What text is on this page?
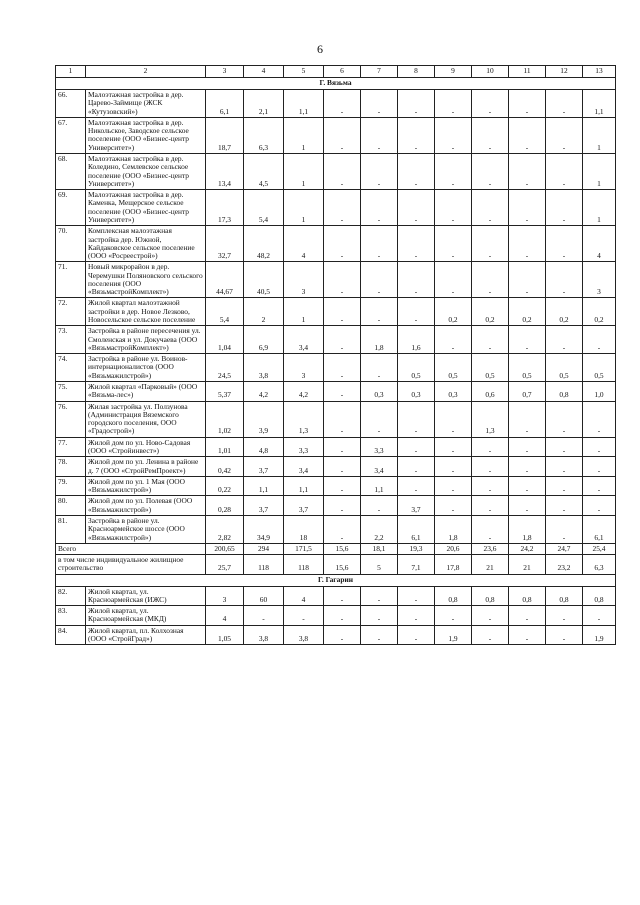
6
1	2	3	4	5	6	7	8	9	10	11	12	13
Г. Вязьма												
66.	Малоэтажная застройка в дер. Царево-Займище (ЖСК «Кутузовский»)	6,1	2,1	1,1	-	-	-	-	-	-	-	1,1
67.	Малоэтажная застройка в дер. Никольское, Заводское сельское поселение (ООО «Бизнес-центр Университет»)	18,7	6,3	1	-	-	-	-	-	-	-	1
68.	Малоэтажная застройка в дер. Коледино, Семлевское сельское поселение (ООО «Бизнес-центр Университет»)	13,4	4,5	1	-	-	-	-	-	-	-	1
69.	Малоэтажная застройка в дер. Каменка, Мещерское сельское поселение (ООО «Бизнес-центр Университет»)	17,3	5,4	1	-	-	-	-	-	-	-	1
70.	Комплексная малоэтажная застройка дер. Южной, Кайдаковское сельское поселение (ООО «Росреестрой»)	32,7	48,2	4	-	-	-	-	-	-	-	4
71.	Новый микрорайон в дер. Черемушки Поляновского сельского поселения (ООО «ВязьмастройКомплект»)	44,67	40,5	3	-	-	-	-	-	-	-	3
72.	Жилой квартал малоэтажной застройки в дер. Новое Лезково, Новосельское сельское поселение	5,4	2	1	-	-	-	0,2	0,2	0,2	0,2	0,2
73.	Застройка в районе пересечения ул. Смоленская и ул. Докучаева (ООО «ВязьмастройКомплект»)	1,04	6,9	3,4	-	1,8	1,6	-	-	-	-	-
74.	Застройка в районе ул. Воинов-интернационалистов (ООО «Вязьмажилстрой»)	24,5	3,8	3	-	-	0,5	0,5	0,5	0,5	0,5	0,5
75.	Жилой квартал «Парковый» (ООО «Вязьма-лес»)	5,37	4,2	4,2	-	0,3	0,3	0,3	0,6	0,7	0,8	1,0
76.	Жилая застройка ул. Ползунова (Администрация Вяземского городского поселения, ООО «Градострой»)	1,02	3,9	1,3	-	-	-	-	1,3	-	-	-
77.	Жилой дом по ул. Ново-Садовая (ООО «Стройинвест»)	1,01	4,8	3,3	-	3,3	-	-	-	-	-	-
78.	Жилой дом по ул. Ленина в районе д. 7 (ООО «СтройРемПроект»)	0,42	3,7	3,4	-	3,4	-	-	-	-	-	-
79.	Жилой дом по ул. 1 Мая (ООО «Вязьмажилстрой»)	0,22	1,1	1,1	-	1,1	-	-	-	-	-	-
80.	Жилой дом по ул. Полевая (ООО «Вязьмажилстрой»)	0,28	3,7	3,7	-	-	3,7	-	-	-	-	-
81.	Застройка в районе ул. Красноармейское шоссе (ООО «Вязьмажилстрой»)	2,82	34,9	18	-	2,2	6,1	1,8	-	1,8	-	6,1
Всего		200,65	294	171,5	15,6	18,1	19,3	20,6	23,6	24,2	24,7	25,4
в том числе индивидуальное жилищное строительство		25,7	118	118	15,6	5	7,1	17,8	21	21	23,2	6,3
Г. Гагарин												
82.	Жилой квартал, ул. Красноармейская (ИЖС)	3	60	4	-	-	-	0,8	0,8	0,8	0,8	0,8
83.	Жилой квартал, ул. Красноармейская (МКД)	4	-	-	-	-	-	-	-	-	-	-
84.	Жилой квартал, пл. Колхозная (ООО «СтройГрад»)	1,05	3,8	3,8	-	-	-	1,9	-	-	-	1,9
